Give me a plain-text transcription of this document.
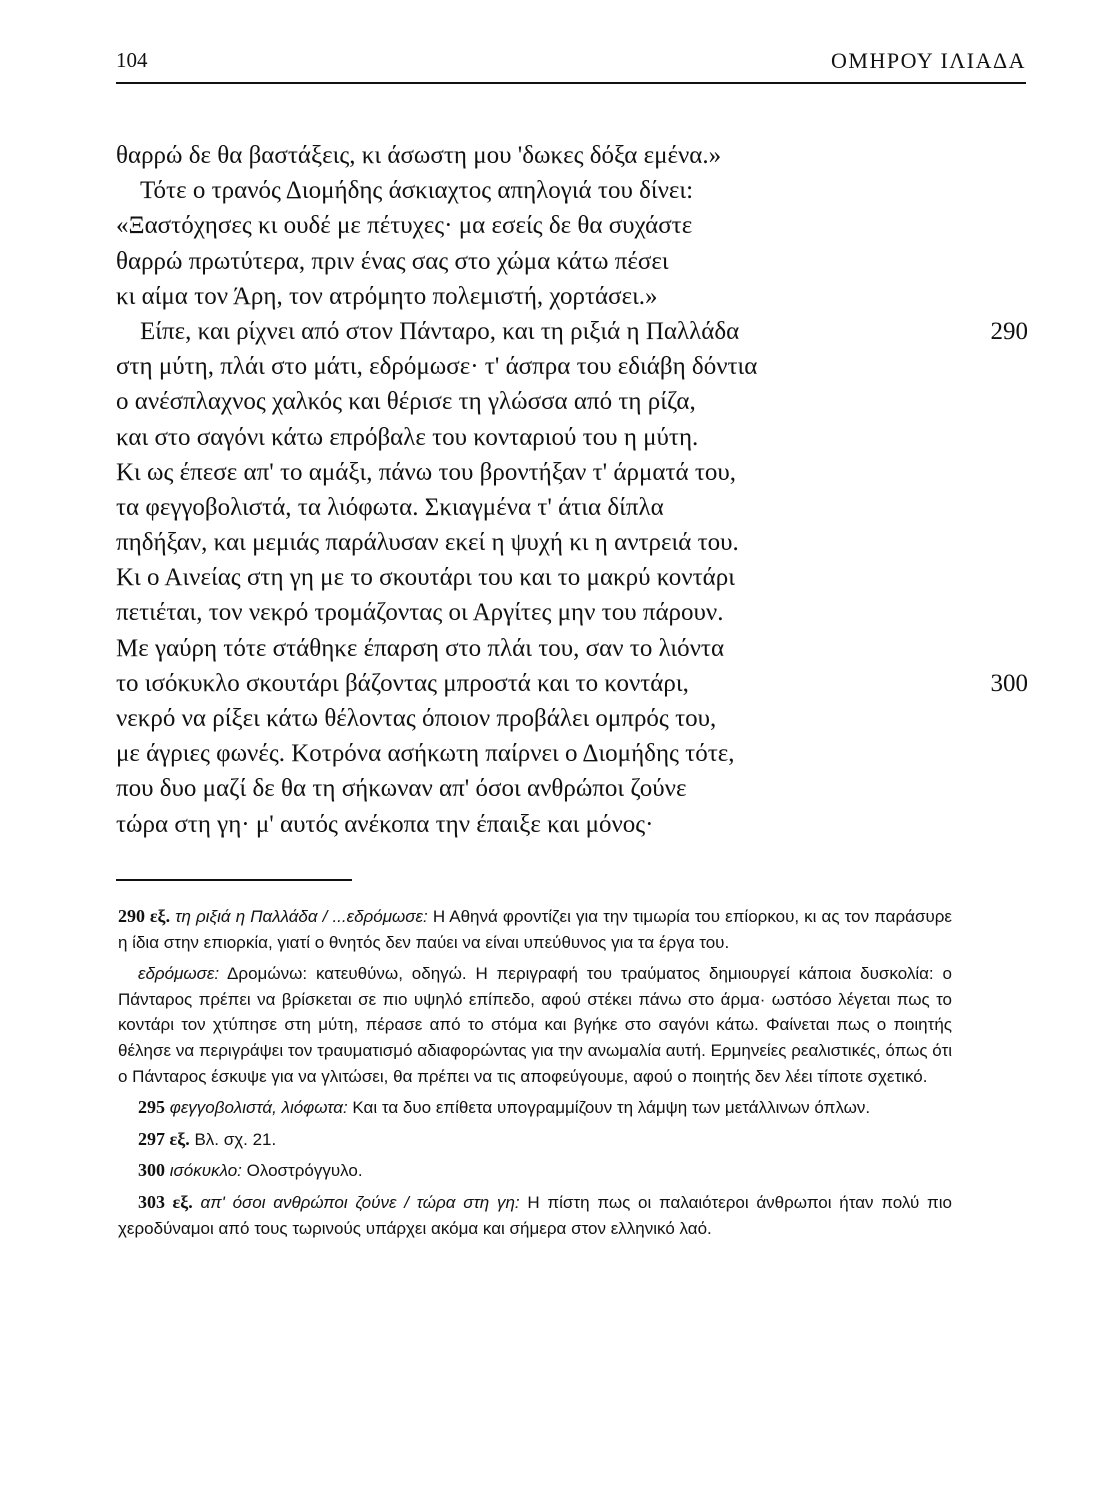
104	ΟΜΗΡΟΥ ΙΛΙΑΔΑ
θαρρώ δε θα βαστάξεις, κι άσωστη μου 'δωκες δόξα εμένα.»
Τότε ο τρανός Διομήδης άσκιαχτος απηλογιά του δίνει:
«Ξαστόχησες κι ουδέ με πέτυχες· μα εσείς δε θα συχάστε
θαρρώ πρωτύτερα, πριν ένας σας στο χώμα κάτω πέσει
κι αίμα τον Άρη, τον ατρόμητο πολεμιστή, χορτάσει.»
Είπε, και ρίχνει από στον Πάνταρο, και τη ριξιά η Παλλάδα	290
στη μύτη, πλάι στο μάτι, εδρόμωσε· τ' άσπρα του εδιάβη δόντια
ο ανέσπλαχνος χαλκός και θέρισε τη γλώσσα από τη ρίζα,
και στο σαγόνι κάτω επρόβαλε του κονταριού του η μύτη.
Κι ως έπεσε απ' το αμάξι, πάνω του βροντήξαν τ' άρματά του,
τα φεγγοβολιστά, τα λιόφωτα. Σκιαγμένα τ' άτια δίπλα
πηδήξαν, και μεμιάς παράλυσαν εκεί η ψυχή κι η αντρειά του.
Κι ο Αινείας στη γη με το σκουτάρι του και το μακρύ κοντάρι
πετιέται, τον νεκρό τρομάζοντας οι Αργίτες μην του πάρουν.
Με γαύρη τότε στάθηκε έπαρση στο πλάι του, σαν το λιόντα
το ισόκυκλο σκουτάρι βάζοντας μπροστά και το κοντάρι,	300
νεκρό να ρίξει κάτω θέλοντας όποιον προβάλει ομπρός του,
με άγριες φωνές. Κοτρόνα ασήκωτη παίρνει ο Διομήδης τότε,
που δυο μαζί δε θα τη σήκωναν απ' όσοι ανθρώποι ζούνε
τώρα στη γη· μ' αυτός ανέκοπα την έπαιξε και μόνος·

290 εξ. τη ριξιά η Παλλάδα / ...εδρόμωσε: Η Αθηνά φροντίζει για την τιμωρία του επίορκου, κι ας τον παράσυρε η ίδια στην επιορκία, γιατί ο θνητός δεν παύει να είναι υπεύθυνος για τα έργα του.

εδρόμωσε: Δρομώνω: κατευθύνω, οδηγώ. Η περιγραφή του τραύματος δημιουργεί κάποια δυσκολία: ο Πάνταρος πρέπει να βρίσκεται σε πιο υψηλό επίπεδο, αφού στέκει πάνω στο άρμα· ωστόσο λέγεται πως το κοντάρι τον χτύπησε στη μύτη, πέρασε από το στόμα και βγήκε στο σαγόνι κάτω. Φαίνεται πως ο ποιητής θέλησε να περιγράψει τον τραυματισμό αδιαφορώντας για την ανωμαλία αυτή. Ερμηνείες ρεαλιστικές, όπως ότι ο Πάνταρος έσκυψε για να γλιτώσει, θα πρέπει να τις αποφεύγουμε, αφού ο ποιητής δεν λέει τίποτε σχετικό.

295 φεγγοβολιστά, λιόφωτα: Και τα δυο επίθετα υπογραμμίζουν τη λάμψη των μετάλλινων όπλων.

297 εξ. Βλ. σχ. 21.

300 ισόκυκλο: Ολοστρόγγυλο.

303 εξ. απ' όσοι ανθρώποι ζούνε / τώρα στη γη: Η πίστη πως οι παλαιότεροι άνθρωποι ήταν πολύ πιο χεροδύναμοι από τους τωρινούς υπάρχει ακόμα και σήμερα στον ελληνικό λαό.
